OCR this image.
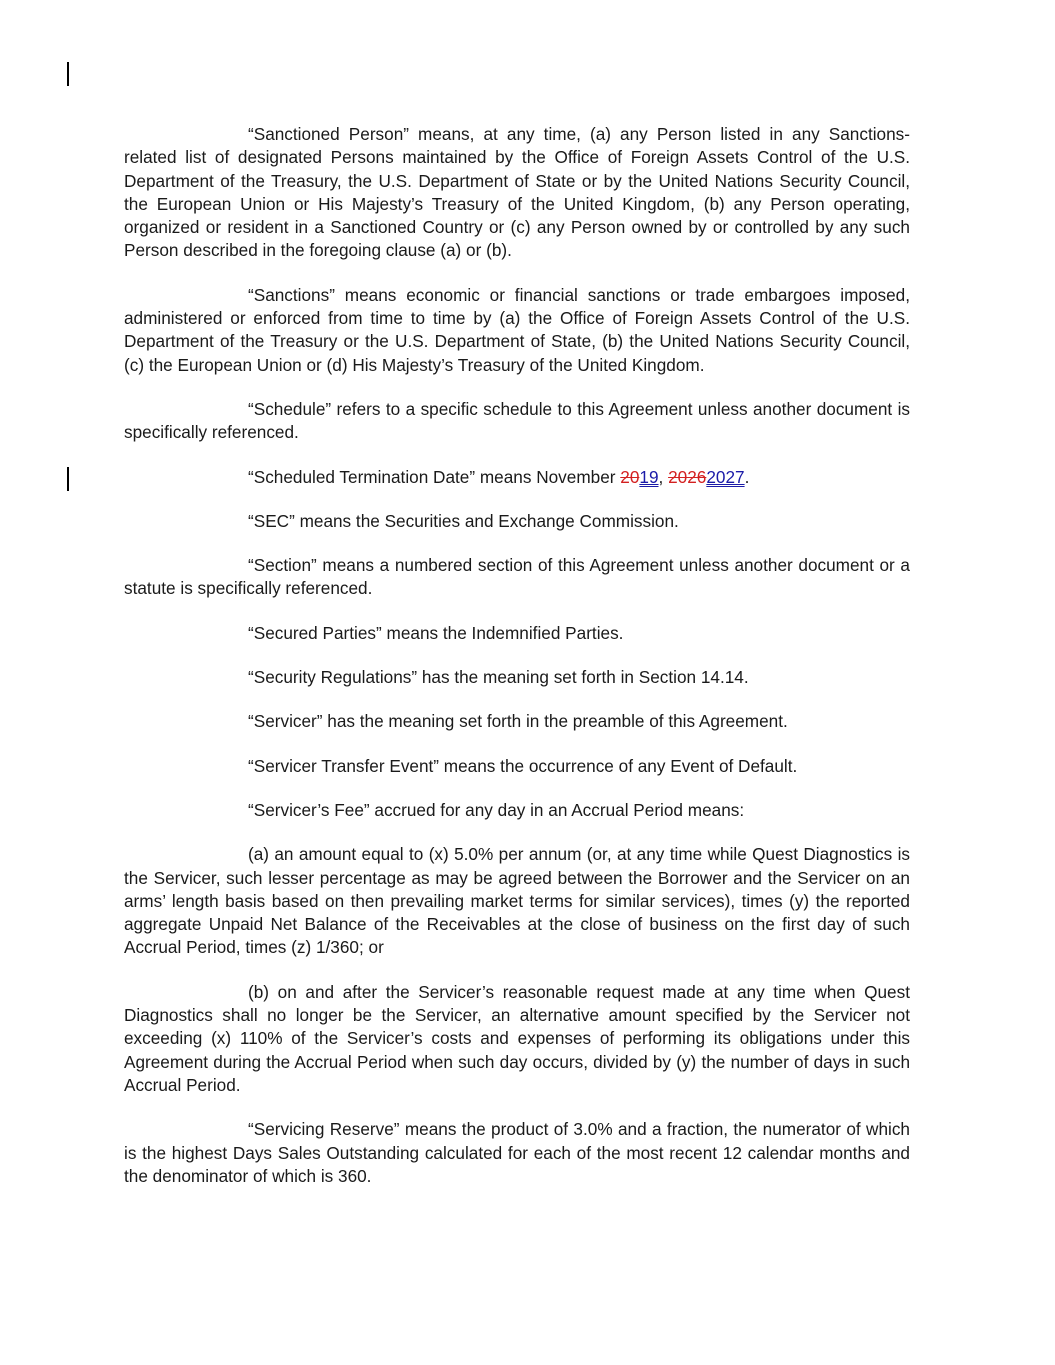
“Sanctioned Person” means, at any time, (a) any Person listed in any Sanctions-related list of designated Persons maintained by the Office of Foreign Assets Control of the U.S. Department of the Treasury, the U.S. Department of State or by the United Nations Security Council, the European Union or His Majesty’s Treasury of the United Kingdom, (b) any Person operating, organized or resident in a Sanctioned Country or (c) any Person owned by or controlled by any such Person described in the foregoing clause (a) or (b).

“Sanctions” means economic or financial sanctions or trade embargoes imposed, administered or enforced from time to time by (a) the Office of Foreign Assets Control of the U.S. Department of the Treasury or the U.S. Department of State, (b) the United Nations Security Council, (c) the European Union or (d) His Majesty’s Treasury of the United Kingdom.

“Schedule” refers to a specific schedule to this Agreement unless another document is specifically referenced.

“Scheduled Termination Date” means November 2019, 20262027.

“SEC” means the Securities and Exchange Commission.

“Section” means a numbered section of this Agreement unless another document or a statute is specifically referenced.

“Secured Parties” means the Indemnified Parties.

“Security Regulations” has the meaning set forth in Section 14.14.

“Servicer” has the meaning set forth in the preamble of this Agreement.

“Servicer Transfer Event” means the occurrence of any Event of Default.

“Servicer’s Fee” accrued for any day in an Accrual Period means:

(a) an amount equal to (x) 5.0% per annum (or, at any time while Quest Diagnostics is the Servicer, such lesser percentage as may be agreed between the Borrower and the Servicer on an arms’ length basis based on then prevailing market terms for similar services), times (y) the reported aggregate Unpaid Net Balance of the Receivables at the close of business on the first day of such Accrual Period, times (z) 1/360; or

(b) on and after the Servicer’s reasonable request made at any time when Quest Diagnostics shall no longer be the Servicer, an alternative amount specified by the Servicer not exceeding (x) 110% of the Servicer’s costs and expenses of performing its obligations under this Agreement during the Accrual Period when such day occurs, divided by (y) the number of days in such Accrual Period.

“Servicing Reserve” means the product of 3.0% and a fraction, the numerator of which is the highest Days Sales Outstanding calculated for each of the most recent 12 calendar months and the denominator of which is 360.
